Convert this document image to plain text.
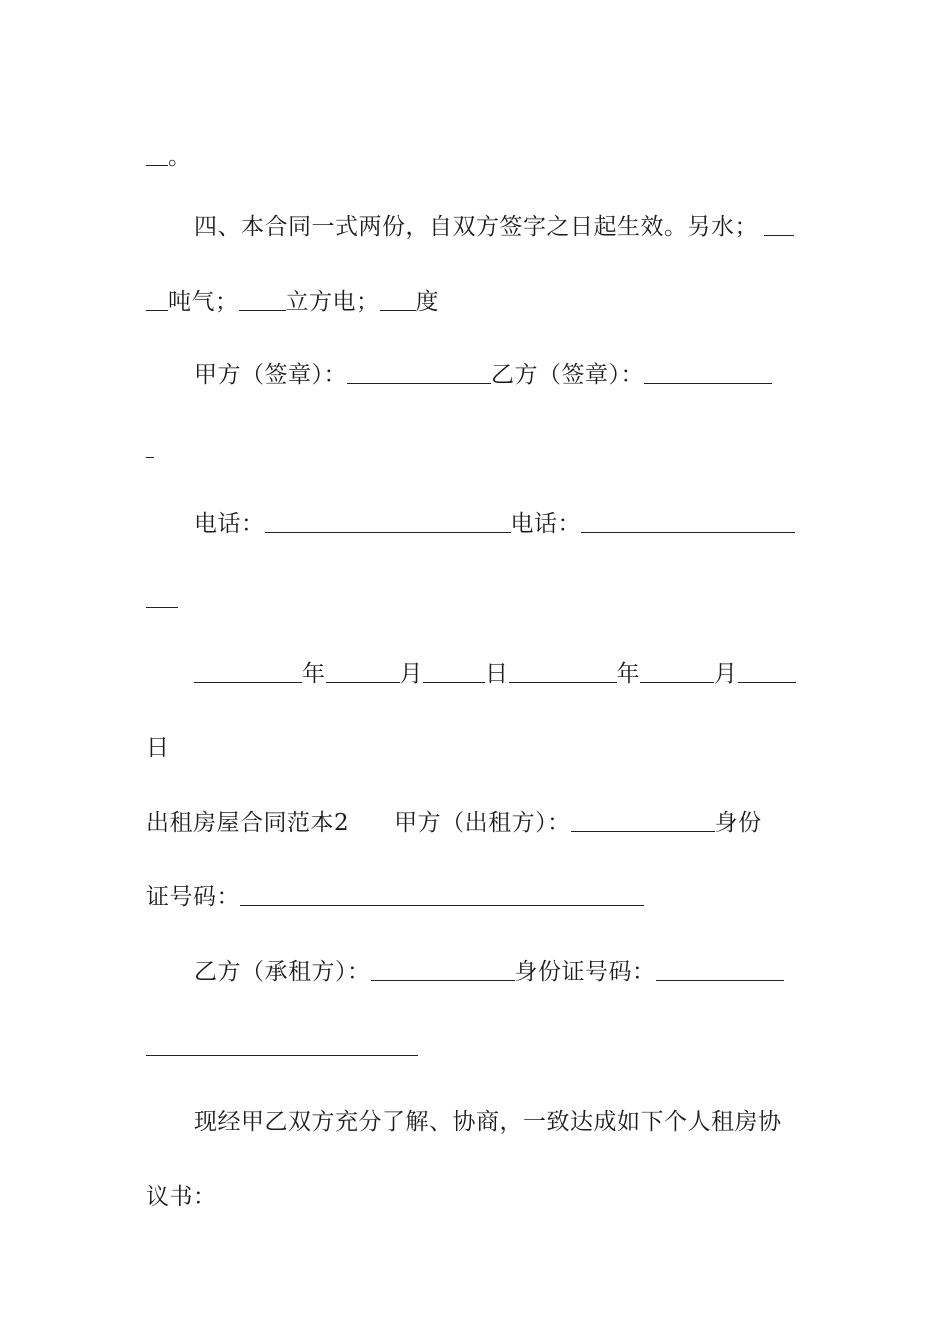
。
四、本合同一式两份，自双方签字之日起生效。另水；
吨气； 立方电； 度
甲方（签章）：	乙方（签章）：
电话：	电话：
年	月	日	年	月
日
出租房屋合同范本2 甲方（出租方）：	身份
证号码：
乙方（承租方）：	身份证号码：
现经甲乙双方充分了解、协商，一致达成如下个人租房协
议书：
